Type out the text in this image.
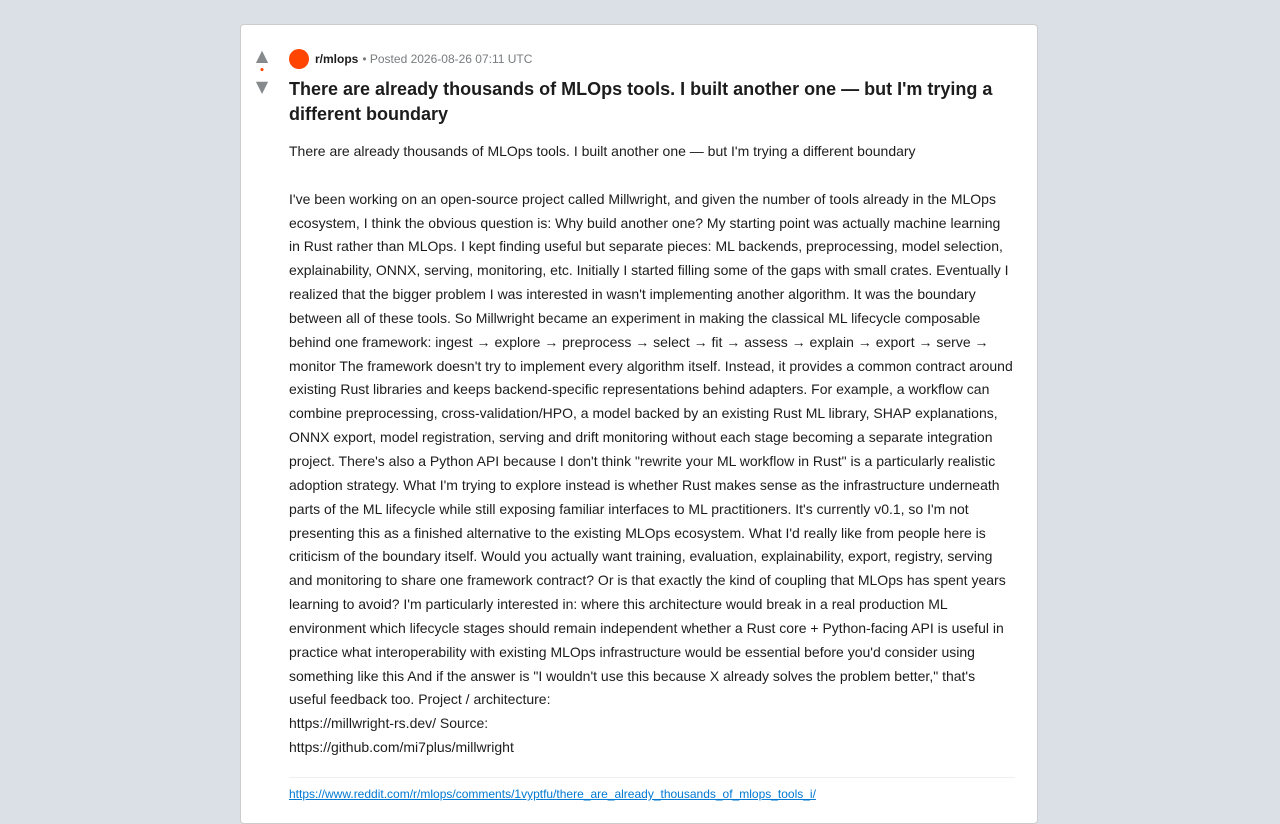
▲
•
▼
r/mlops • Posted 2026-08-26 07:11 UTC
There are already thousands of MLOps tools. I built another one — but I'm trying a different boundary
There are already thousands of MLOps tools. I built another one — but I'm trying a different boundary

I've been working on an open-source project called Millwright, and given the number of tools already in the MLOps ecosystem, I think the obvious question is: Why build another one? My starting point was actually machine learning in Rust rather than MLOps. I kept finding useful but separate pieces: ML backends, preprocessing, model selection, explainability, ONNX, serving, monitoring, etc. Initially I started filling some of the gaps with small crates. Eventually I realized that the bigger problem I was interested in wasn't implementing another algorithm. It was the boundary between all of these tools. So Millwright became an experiment in making the classical ML lifecycle composable behind one framework: ingest → explore → preprocess → select → fit → assess → explain → export → serve → monitor The framework doesn't try to implement every algorithm itself. Instead, it provides a common contract around existing Rust libraries and keeps backend-specific representations behind adapters. For example, a workflow can combine preprocessing, cross-validation/HPO, a model backed by an existing Rust ML library, SHAP explanations, ONNX export, model registration, serving and drift monitoring without each stage becoming a separate integration project. There's also a Python API because I don't think "rewrite your ML workflow in Rust" is a particularly realistic adoption strategy. What I'm trying to explore instead is whether Rust makes sense as the infrastructure underneath parts of the ML lifecycle while still exposing familiar interfaces to ML practitioners. It's currently v0.1, so I'm not presenting this as a finished alternative to the existing MLOps ecosystem. What I'd really like from people here is criticism of the boundary itself. Would you actually want training, evaluation, explainability, export, registry, serving and monitoring to share one framework contract? Or is that exactly the kind of coupling that MLOps has spent years learning to avoid? I'm particularly interested in: where this architecture would break in a real production ML environment which lifecycle stages should remain independent whether a Rust core + Python-facing API is useful in practice what interoperability with existing MLOps infrastructure would be essential before you'd consider using something like this And if the answer is "I wouldn't use this because X already solves the problem better," that's useful feedback too. Project / architecture:
https://millwright-rs.dev/ Source:
https://github.com/mi7plus/millwright
https://www.reddit.com/r/mlops/comments/1vyptfu/there_are_already_thousands_of_mlops_tools_i/
